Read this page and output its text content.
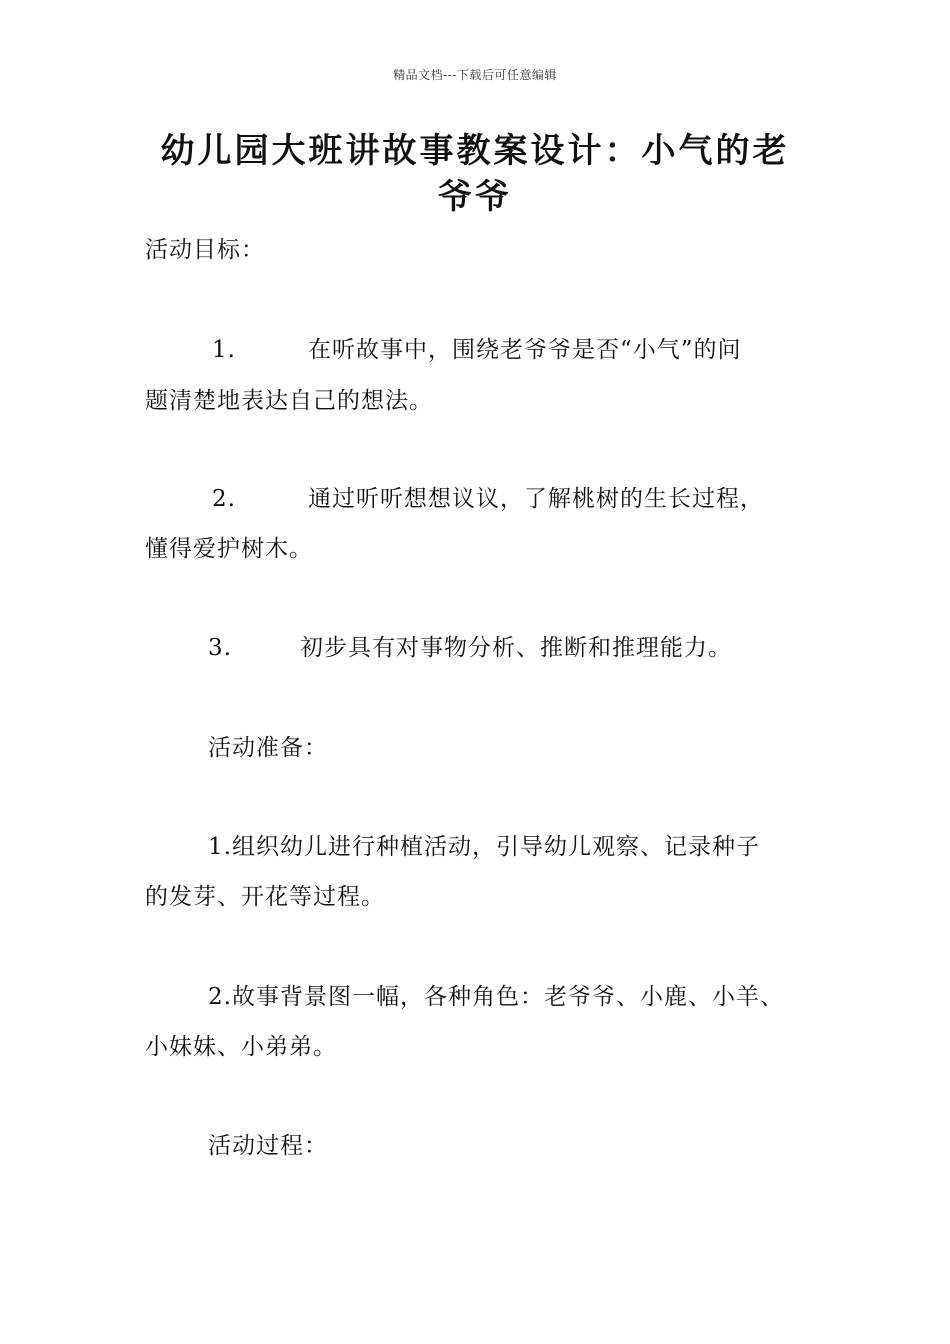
精品文档---下载后可任意编辑
幼儿园大班讲故事教案设计：小气的老
爷爷
活动目标：
1.	在听故事中，围绕老爷爷是否“小气”的问
题清楚地表达自己的想法。
2.	通过听听想想议议，了解桃树的生长过程，
懂得爱护树木。
3.	初步具有对事物分析、推断和推理能力。
活动准备：
1.组织幼儿进行种植活动，引导幼儿观察、记录种子
的发芽、开花等过程。
2.故事背景图一幅，各种角色：老爷爷、小鹿、小羊、
小妹妹、小弟弟。
活动过程：
